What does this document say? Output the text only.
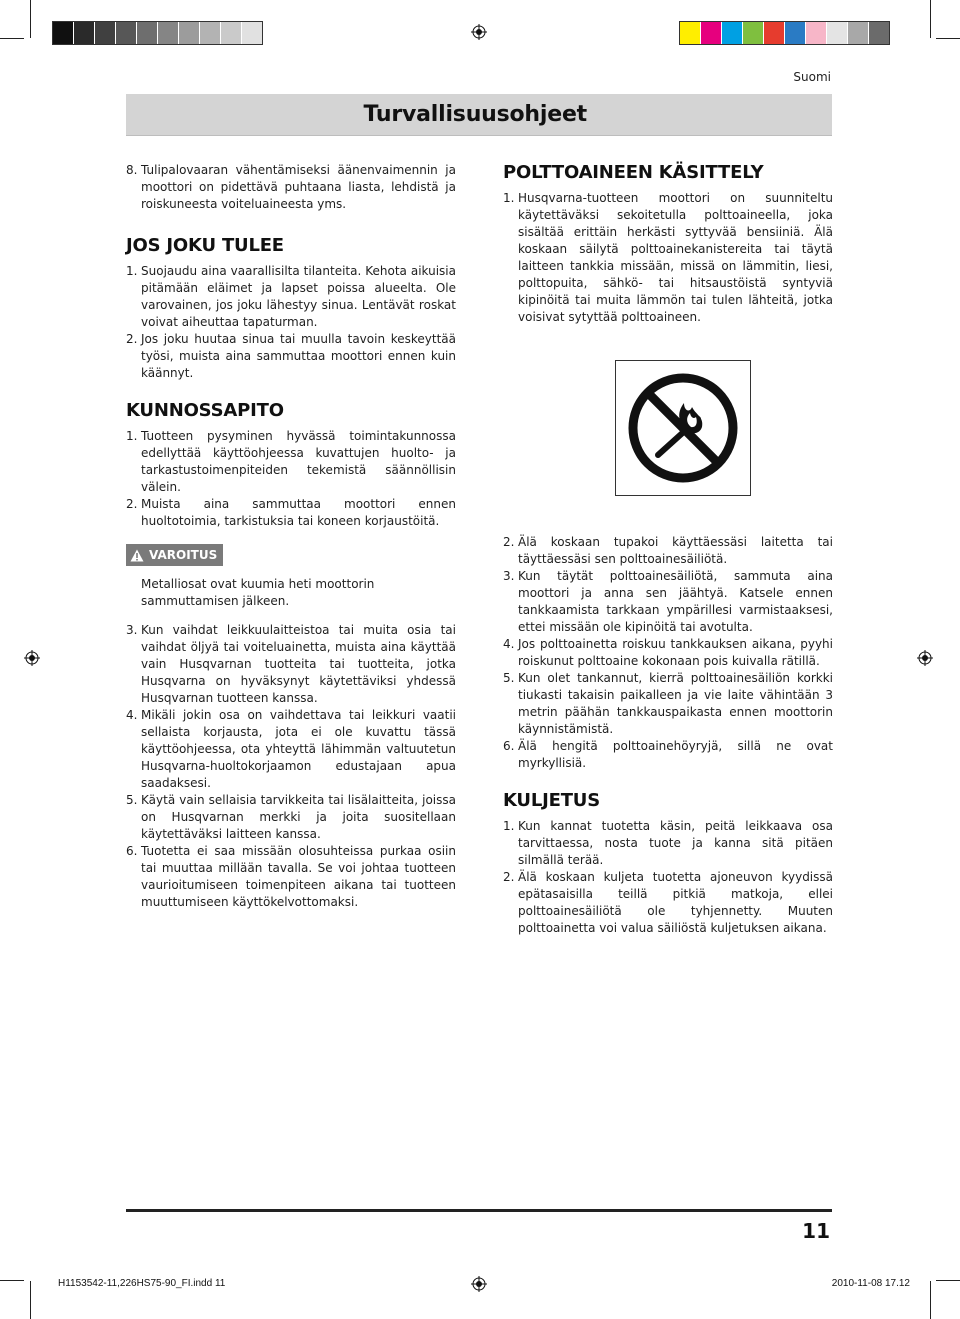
Suomi
Turvallisuusohjeet
8. Tulipalovaaran vähentämiseksi äänenvaimennin ja moottori on pidettävä puhtaana liasta, lehdistä ja roiskuneesta voiteluaineesta yms.
JOS JOKU TULEE
1. Suojaudu aina vaarallisilta tilanteita. Kehota aikuisia pitämään eläimet ja lapset poissa alueelta. Ole varovainen, jos joku lähestyy sinua. Lentävät roskat voivat aiheuttaa tapaturman.
2. Jos joku huutaa sinua tai muulla tavoin keskeyttää työsi, muista aina sammuttaa moottori ennen kuin käännyt.
KUNNOSSAPITO
1. Tuotteen pysyminen hyvässä toimintakunnossa edellyttää käyttöohjeessa kuvattujen huolto- ja tarkastustoimenpiteiden tekemistä säännöllisin välein.
2. Muista aina sammuttaa moottori ennen huoltotoimia, tarkistuksia tai koneen korjaustöitä.
VAROITUS
Metalliosat ovat kuumia heti moottorin sammuttamisen jälkeen.
3. Kun vaihdat leikkuulaitteistoa tai muita osia tai vaihdat öljyä tai voiteluainetta, muista aina käyttää vain Husqvarnan tuotteita tai tuotteita, jotka Husqvarna on hyväksynyt käytettäviksi yhdessä Husqvarnan tuotteen kanssa.
4. Mikäli jokin osa on vaihdettava tai leikkuri vaatii sellaista korjausta, jota ei ole kuvattu tässä käyttöohjeessa, ota yhteyttä lähimmän valtuutetun Husqvarna-huoltokorjaamon edustajaan apua saadaksesi.
5. Käytä vain sellaisia tarvikkeita tai lisälaitteita, joissa on Husqvarnan merkki ja joita suositellaan käytettäväksi laitteen kanssa.
6. Tuotetta ei saa missään olosuhteissa purkaa osiin tai muuttaa millään tavalla. Se voi johtaa tuotteen vaurioitumiseen toimenpiteen aikana tai tuotteen muuttumiseen käyttökelvottomaksi.
POLTTOAINEEN KÄSITTELY
1. Husqvarna-tuotteen moottori on suunniteltu käytettäväksi sekoitetulla polttoaineella, joka sisältää erittäin herkästi syttyvää bensiiniä. Älä koskaan säilytä polttoainekanistereita tai täytä laitteen tankkia missään, missä on lämmitin, liesi, polttopuita, sähkö- tai hitsaustöistä syntyviä kipinöitä tai muita lämmön tai tulen lähteitä, jotka voisivat sytyttää polttoaineen.
2. Älä koskaan tupakoi käyttäessäsi laitetta tai täyttäessäsi sen polttoainesäiliötä.
3. Kun täytät polttoainesäiliötä, sammuta aina moottori ja anna sen jäähtyä. Katsele ennen tankkaamista tarkkaan ympärillesi varmistaaksesi, ettei missään ole kipinöitä tai avotulta.
4. Jos polttoainetta roiskuu tankkauksen aikana, pyyhi roiskunut polttoaine kokonaan pois kuivalla rätillä.
5. Kun olet tankannut, kierrä polttoainesäiliön korkki tiukasti takaisin paikalleen ja vie laite vähintään 3 metrin päähän tankkauspaikasta ennen moottorin käynnistämistä.
6. Älä hengitä polttoainehöyryjä, sillä ne ovat myrkyllisiä.
KULJETUS
1. Kun kannat tuotetta käsin, peitä leikkaava osa tarvittaessa, nosta tuote ja kanna sitä pitäen silmällä terää.
2. Älä koskaan kuljeta tuotetta ajoneuvon kyydissä epätasaisilla teillä pitkiä matkoja, ellei polttoainesäiliötä ole tyhjennetty. Muuten polttoainetta voi valua säiliöstä kuljetuksen aikana.
11
H1153542-11,226HS75-90_FI.indd 11	2010-11-08 17.12
